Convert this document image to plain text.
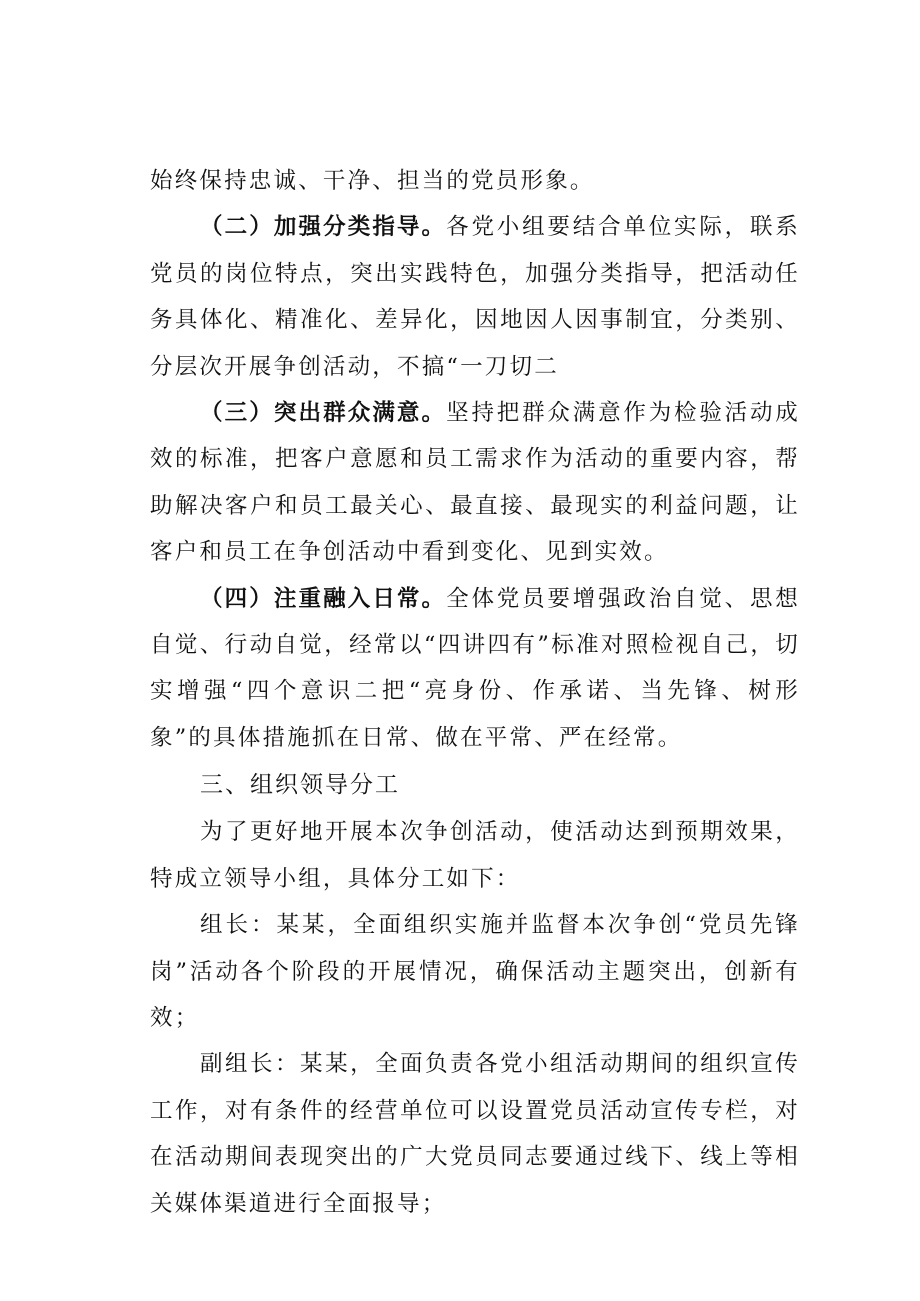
始终保持忠诚、干净、担当的党员形象。

（二）加强分类指导。各党小组要结合单位实际，联系党员的岗位特点，突出实践特色，加强分类指导，把活动任务具体化、精准化、差异化，因地因人因事制宜，分类别、分层次开展争创活动，不搞“一刀切二

（三）突出群众满意。坚持把群众满意作为检验活动成效的标准，把客户意愿和员工需求作为活动的重要内容，帮助解决客户和员工最关心、最直接、最现实的利益问题，让客户和员工在争创活动中看到变化、见到实效。

（四）注重融入日常。全体党员要增强政治自觉、思想自觉、行动自觉，经常以“四讲四有”标准对照检视自己，切实增强“四个意识二把“亮身份、作承诺、当先锋、树形象”的具体措施抓在日常、做在平常、严在经常。

三、组织领导分工

为了更好地开展本次争创活动，使活动达到预期效果，特成立领导小组，具体分工如下：

组长：某某，全面组织实施并监督本次争创“党员先锋岗”活动各个阶段的开展情况，确保活动主题突出，创新有效；

副组长：某某，全面负责各党小组活动期间的组织宣传工作，对有条件的经营单位可以设置党员活动宣传专栏，对在活动期间表现突出的广大党员同志要通过线下、线上等相关媒体渠道进行全面报导；
